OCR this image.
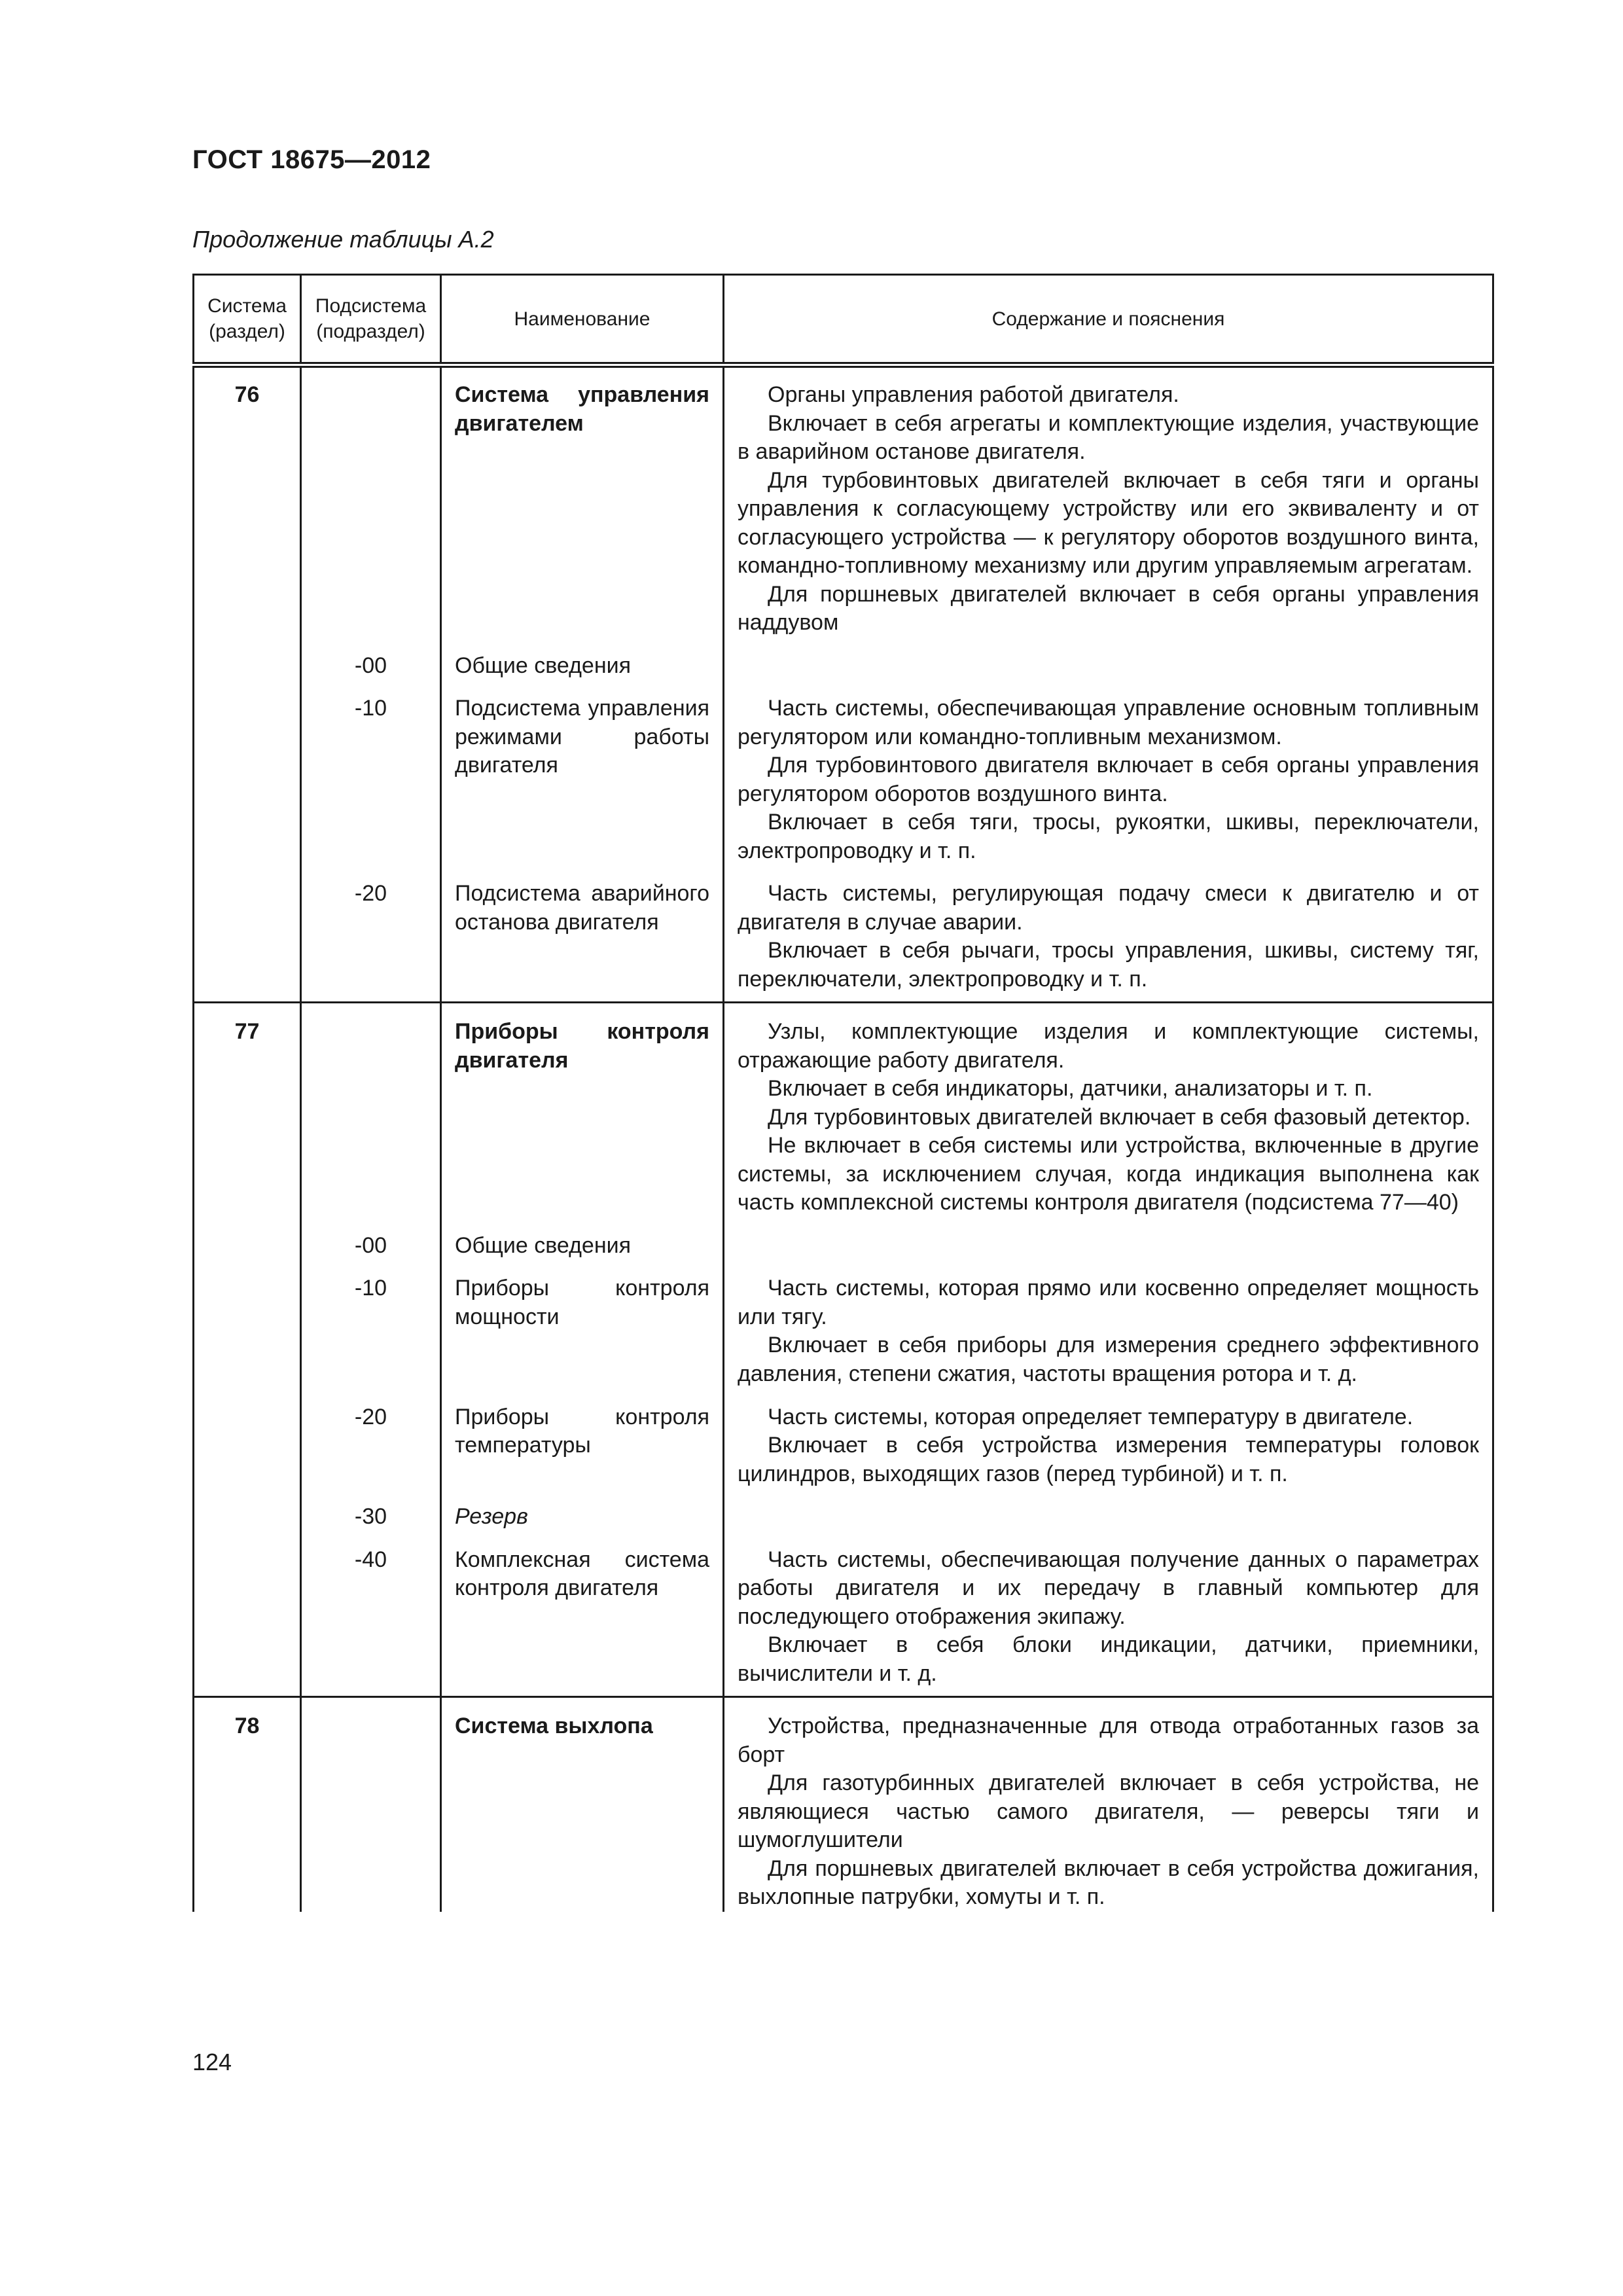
ГОСТ 18675—2012
Продолжение таблицы А.2
Система (раздел)	Подсистема (подраздел)	Наименование	Содержание и пояснения
76		Система управления двигателем	Органы управления работой двигателя.

Включает в себя агрегаты и комплектующие изделия, участвующие в аварийном останове двигателя.

Для турбовинтовых двигателей включает в себя тяги и органы управления к согласующему устройству или его эквиваленту и от согласующего устройства — к регулятору оборотов воздушного винта, командно-топливному механизму или другим управляемым агрегатам.

Для поршневых двигателей включает в себя органы управления наддувом

	-00	Общие сведения	
	-10	Подсистема управления режимами работы двигателя	Часть системы, обеспечивающая управление основным топливным регулятором или командно-топливным механизмом.

Для турбовинтового двигателя включает в себя органы управления регулятором оборотов воздушного винта.

Включает в себя тяги, тросы, рукоятки, шкивы, переключатели, электропроводку и т. п.

	-20	Подсистема аварийного останова двигателя	Часть системы, регулирующая подачу смеси к двигателю и от двигателя в случае аварии.

Включает в себя рычаги, тросы управления, шкивы, систему тяг, переключатели, электропроводку и т. п.

77		Приборы контроля двигателя	Узлы, комплектующие изделия и комплектующие системы, отражающие работу двигателя.

Включает в себя индикаторы, датчики, анализаторы и т. п.

Для турбовинтовых двигателей включает в себя фазовый детектор.

Не включает в себя системы или устройства, включенные в другие системы, за исключением случая, когда индикация выполнена как часть комплексной системы контроля двигателя (подсистема 77—40)

	-00	Общие сведения	
	-10	Приборы контроля мощности	Часть системы, которая прямо или косвенно определяет мощность или тягу.

Включает в себя приборы для измерения среднего эффективного давления, степени сжатия, частоты вращения ротора и т. д.

	-20	Приборы контроля температуры	Часть системы, которая определяет температуру в двигателе.

Включает в себя устройства измерения температуры головок цилиндров, выходящих газов (перед турбиной) и т. п.

	-30	Резерв	
	-40	Комплексная система контроля двигателя	Часть системы, обеспечивающая получение данных о параметрах работы двигателя и их передачу в главный компьютер для последующего отображения экипажу.

Включает в себя блоки индикации, датчики, приемники, вычислители и т. д.

78		Система выхлопа	Устройства, предназначенные для отвода отработанных газов за борт

Для газотурбинных двигателей включает в себя устройства, не являющиеся частью самого двигателя, — реверсы тяги и шумоглушители

Для поршневых двигателей включает в себя устройства дожигания, выхлопные патрубки, хомуты и т. п.

124
